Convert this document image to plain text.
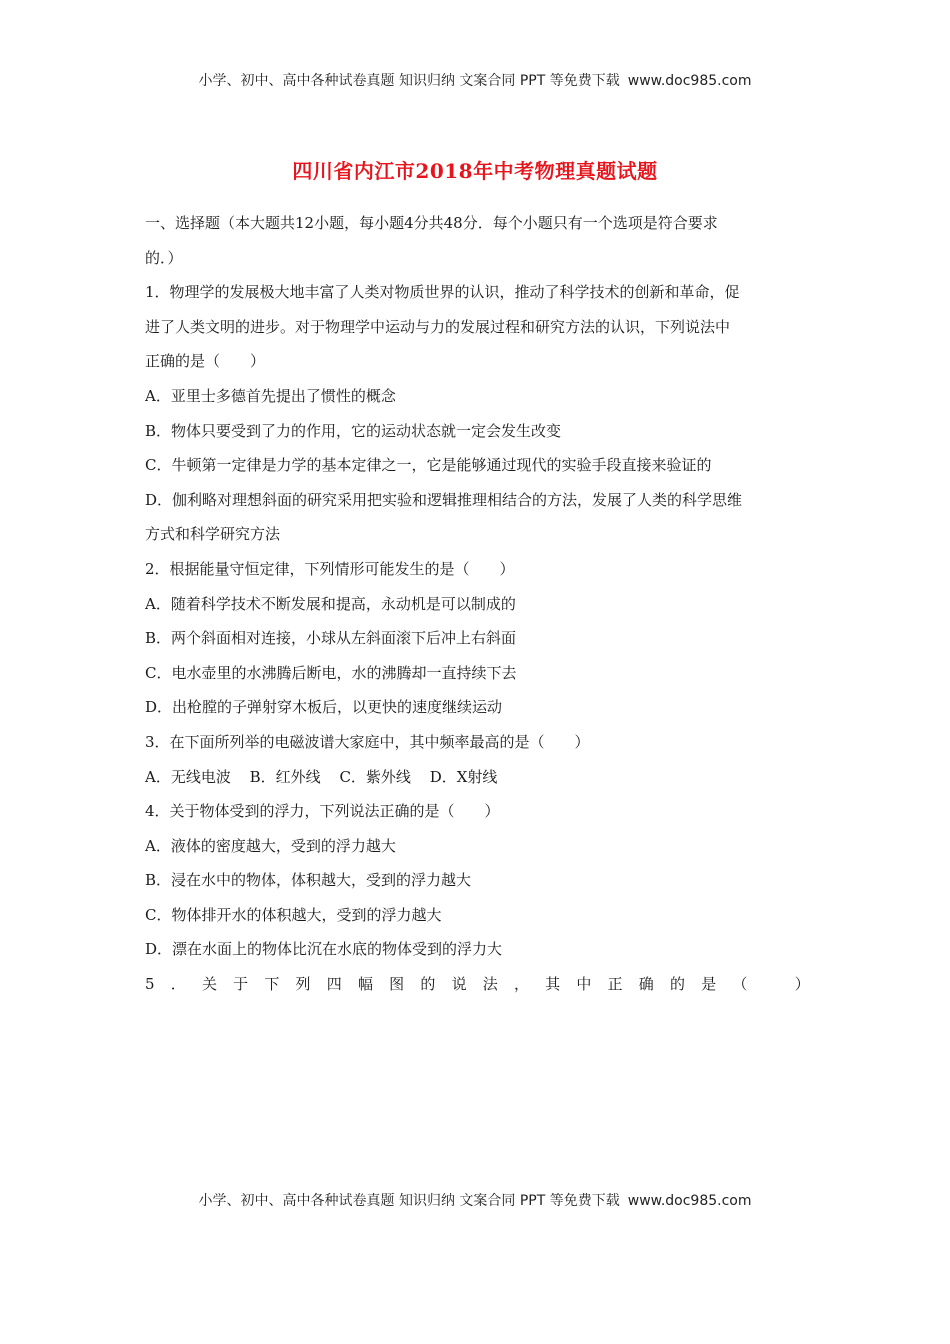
小学、初中、高中各种试卷真题 知识归纳 文案合同 PPT 等免费下载 www.doc985.com
四川省内江市2018年中考物理真题试题
一、选择题（本大题共12小题，每小题4分共48分．每个小题只有一个选项是符合要求
的．）
1．物理学的发展极大地丰富了人类对物质世界的认识，推动了科学技术的创新和革命，促
进了人类文明的进步。对于物理学中运动与力的发展过程和研究方法的认识，下列说法中
正确的是（　　）
A．亚里士多德首先提出了惯性的概念
B．物体只要受到了力的作用，它的运动状态就一定会发生改变
C．牛顿第一定律是力学的基本定律之一，它是能够通过现代的实验手段直接来验证的
D．伽利略对理想斜面的研究采用把实验和逻辑推理相结合的方法，发展了人类的科学思维
方式和科学研究方法
2．根据能量守恒定律，下列情形可能发生的是（　　）
A．随着科学技术不断发展和提高，永动机是可以制成的
B．两个斜面相对连接，小球从左斜面滚下后冲上右斜面
C．电水壶里的水沸腾后断电，水的沸腾却一直持续下去
D．出枪膛的子弹射穿木板后，以更快的速度继续运动
3．在下面所列举的电磁波谱大家庭中，其中频率最高的是（　　）
A．无线电波 B．红外线 C．紫外线 D．X射线
4．关于物体受到的浮力，下列说法正确的是（　　）
A．液体的密度越大，受到的浮力越大
B．浸在水中的物体，体积越大，受到的浮力越大
C．物体排开水的体积越大，受到的浮力越大
D．漂在水面上的物体比沉在水底的物体受到的浮力大
5 ． 关 于 下 列 四 幅 图 的 说 法 ， 其 中 正 确 的 是 （
　	）
小学、初中、高中各种试卷真题 知识归纳 文案合同 PPT 等免费下载 www.doc985.com
